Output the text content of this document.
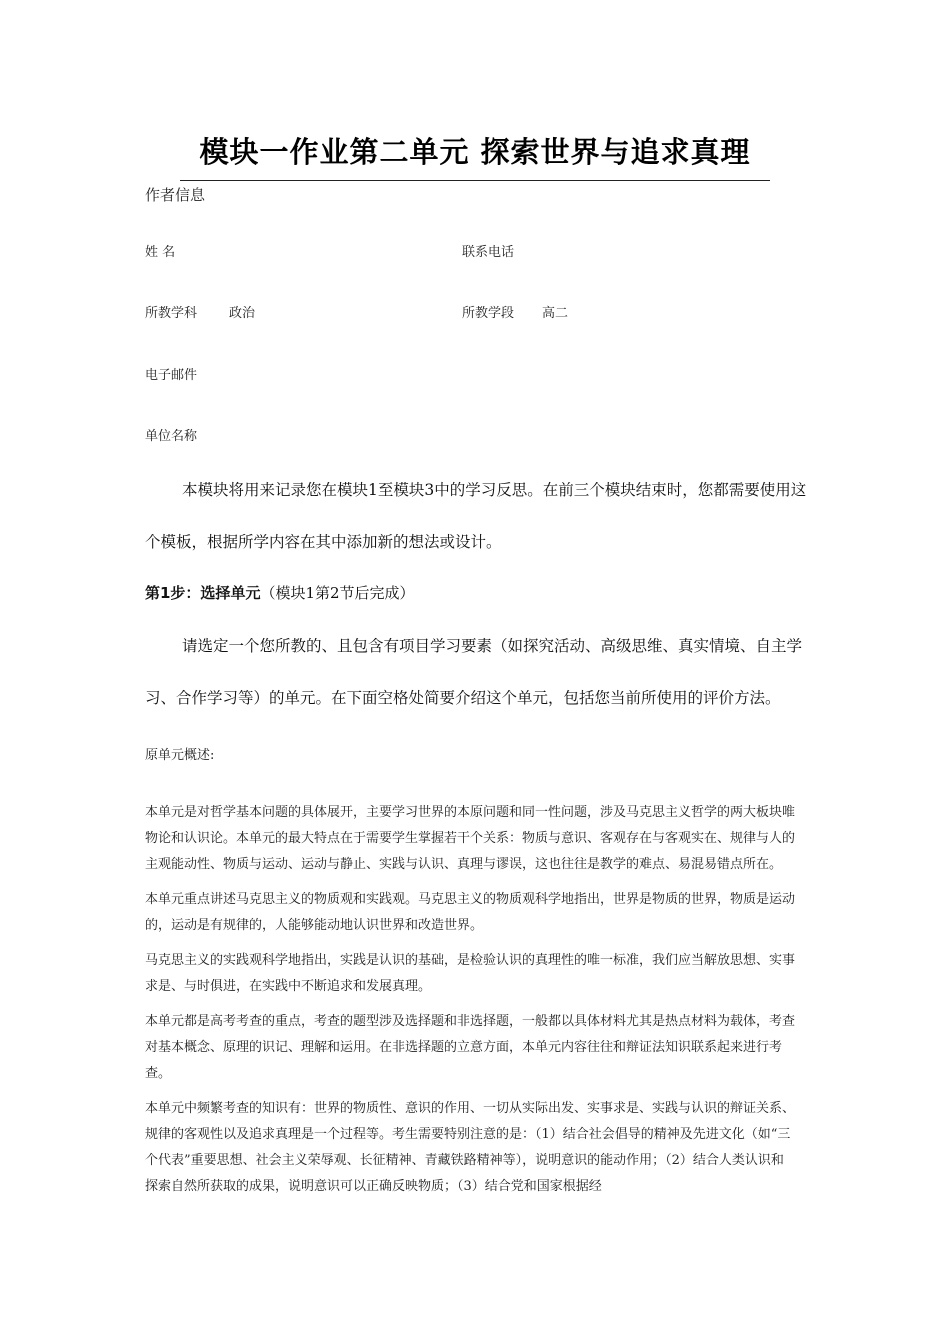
模块一作业第二单元 探索世界与追求真理
作者信息
姓 名	联系电话
所教学科 政治	所教学段 高二
电子邮件
单位名称

本模块将用来记录您在模块1至模块3中的学习反思。在前三个模块结束时，您都需要使用这个模板，根据所学内容在其中添加新的想法或设计。

第1步：选择单元（模块1第2节后完成）

请选定一个您所教的、且包含有项目学习要素（如探究活动、高级思维、真实情境、自主学习、合作学习等）的单元。在下面空格处简要介绍这个单元，包括您当前所使用的评价方法。

原单元概述:

本单元是对哲学基本问题的具体展开，主要学习世界的本原问题和同一性问题，涉及马克思主义哲学的两大板块唯物论和认识论。本单元的最大特点在于需要学生掌握若干个关系：物质与意识、客观存在与客观实在、规律与人的主观能动性、物质与运动、运动与静止、实践与认识、真理与谬误，这也往往是教学的难点、易混易错点所在。

本单元重点讲述马克思主义的物质观和实践观。马克思主义的物质观科学地指出，世界是物质的世界，物质是运动的，运动是有规律的，人能够能动地认识世界和改造世界。

马克思主义的实践观科学地指出，实践是认识的基础，是检验认识的真理性的唯一标准，我们应当解放思想、实事求是、与时俱进，在实践中不断追求和发展真理。

本单元都是高考考查的重点，考查的题型涉及选择题和非选择题，一般都以具体材料尤其是热点材料为载体，考查对基本概念、原理的识记、理解和运用。在非选择题的立意方面，本单元内容往往和辩证法知识联系起来进行考查。

本单元中频繁考查的知识有：世界的物质性、意识的作用、一切从实际出发、实事求是、实践与认识的辩证关系、规律的客观性以及追求真理是一个过程等。考生需要特别注意的是：（1）结合社会倡导的精神及先进文化（如“三个代表”重要思想、社会主义荣辱观、长征精神、青藏铁路精神等），说明意识的能动作用；（2）结合人类认识和探索自然所获取的成果，说明意识可以正确反映物质；（3）结合党和国家根据经
